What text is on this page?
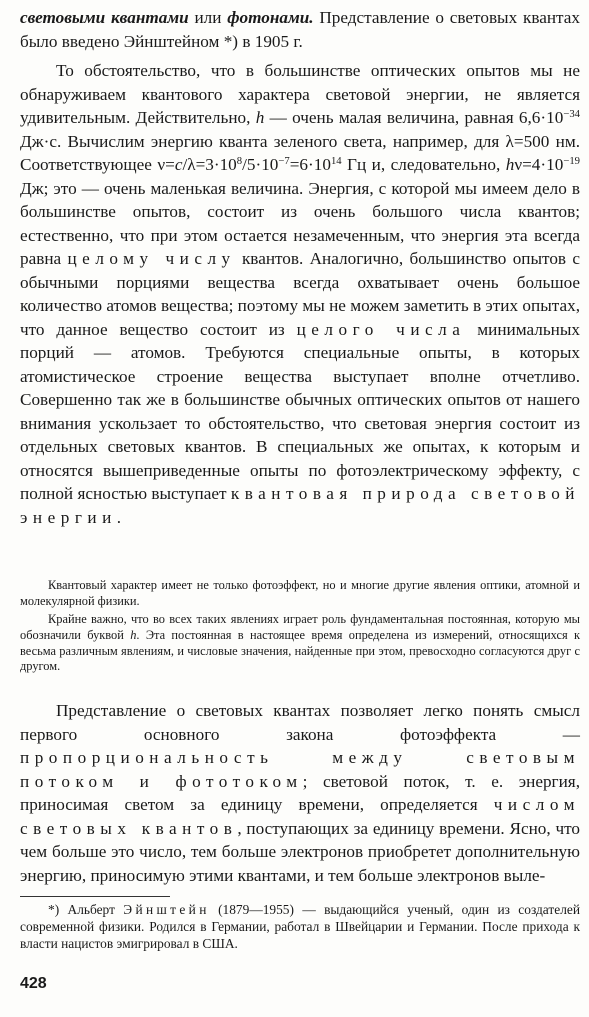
световыми квантами или фотонами. Представление о световых квантах было введено Эйнштейном *) в 1905 г.

То обстоятельство, что в большинстве оптических опытов мы не обнаруживаем квантового характера световой энергии, не является удивительным. Действительно, h — очень малая величина, равная $6,6\cdot 10^{-34}$ Дж·с. Вычислим энергию кванта зеленого света, например, для λ=500 нм. Соответствующее $\nu=c/\lambda=3\cdot 10^8/5\cdot 10^{-7}=6\cdot 10^{14}$ Гц и, следовательно, $h\nu=4\cdot 10^{-19}$ Дж; это — очень маленькая величина. Энергия, с которой мы имеем дело в большинстве опытов, состоит из очень большого числа квантов; естественно, что при этом остается незамеченным, что энергия эта всегда равна целому числу квантов. Аналогично, большинство опытов с обычными порциями вещества всегда охватывает очень большое количество атомов вещества; поэтому мы не можем заметить в этих опытах, что данное вещество состоит из целого числа минимальных порций — атомов. Требуются специальные опыты, в которых атомистическое строение вещества выступает вполне отчетливо. Совершенно так же в большинстве обычных оптических опытов от нашего внимания ускользает то обстоятельство, что световая энергия состоит из отдельных световых квантов. В специальных же опытах, к которым и относятся вышеприведенные опыты по фотоэлектрическому эффекту, с полной ясностью выступает квантовая природа световой энергии.

Квантовый характер имеет не только фотоэффект, но и многие другие явления оптики, атомной и молекулярной физики.

Крайне важно, что во всех таких явлениях играет роль фундаментальная постоянная, которую мы обозначили буквой h. Эта постоянная в настоящее время определена из измерений, относящихся к весьма различным явлениям, и числовые значения, найденные при этом, превосходно согласуются друг с другом.

Представление о световых квантах позволяет легко понять смысл первого основного закона фотоэффекта — пропорциональность между световым потоком и фототоком; световой поток, т. е. энергия, приносимая светом за единицу времени, определяется числом световых квантов, поступающих за единицу времени. Ясно, что чем больше это число, тем больше электронов приобретет дополнительную энергию, приносимую этими квантами, и тем больше электронов выле-

*) Альберт Эйнштейн (1879—1955) — выдающийся ученый, один из создателей современной физики. Родился в Германии, работал в Швейцарии и Германии. После прихода к власти нацистов эмигрировал в США.

428
